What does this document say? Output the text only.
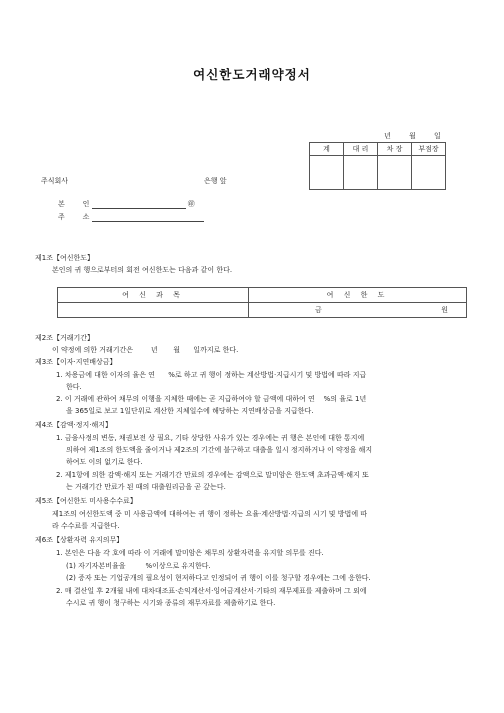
여신한도거래약정서
년	월	일
계	대 리	차 장	부점장

주식회사	은행 앞
본        인	㊞
주        소
제1조【여신한도】
본인의 귀 행으로부터의 회전 여신한도는 다음과 같이 한다.
여 신 과 목	여 신 한 도
	금 원
제2조【거래기간】
이 약정에 의한 거래기간은        년       월      일까지로 한다.
제3조【이자·지연배상금】
1. 차용금에 대한 이자의 율은 연      %로 하고 귀 행이 정하는 계산방법·지급시기 및 방법에 따라 지급
한다.
2. 이 거래에 관하여 채무의 이행을 지체한 때에는 곧 지급하여야 할 금액에 대하여 연    %의 율로 1년
을 365일로 보고 1일단위로 계산한 지체일수에 해당하는 지연배상금을 지급한다.
제4조【감액·정지·해지】
1. 금융사정의 변동, 채권보전 상 필요, 기타 상당한 사유가 있는 경우에는 귀 행은 본인에 대한 통지에
의하여 제1조의 한도액을 줄이거나 제2조의 기간에 불구하고 대출을 일시 정지하거나 이 약정을 해지
하여도 이의 없기로 한다.
2. 제1항에 의한 감액·해지 또는 거래기간 만료의 경우에는 감액으로 말미암은 한도액 초과금액·해지 또
는 거래기간 만료가 된 때의 대출원리금을 곧 갚는다.
제5조【여신한도 미사용수수료】
제1조의 여신한도액 중 미 사용금액에 대하여는 귀 행이 정하는 요율·계산방법·지급의 시기 및 방법에 따
라 수수료를 지급한다.
제6조【상환자력 유지의무】
1. 본인은 다음 각 호에 따라 이 거래에 말미암은 채무의 상환자력을 유지할 의무를 진다.
(1) 자기자본비율을         %이상으로 유지한다.
(2) 증자 또는 기업공개의 필요성이 현저하다고 인정되어 귀 행이 이를 청구할 경우에는 그에 응한다.
2. 매 결산일 후 2개월 내에 대차대조표·손익계산서·잉여금계산서·기타의 재무제표를 제출하며 그 외에
수시로 귀 행이 청구하는 시기와 종류의 재무자료를 제출하기로 한다.
